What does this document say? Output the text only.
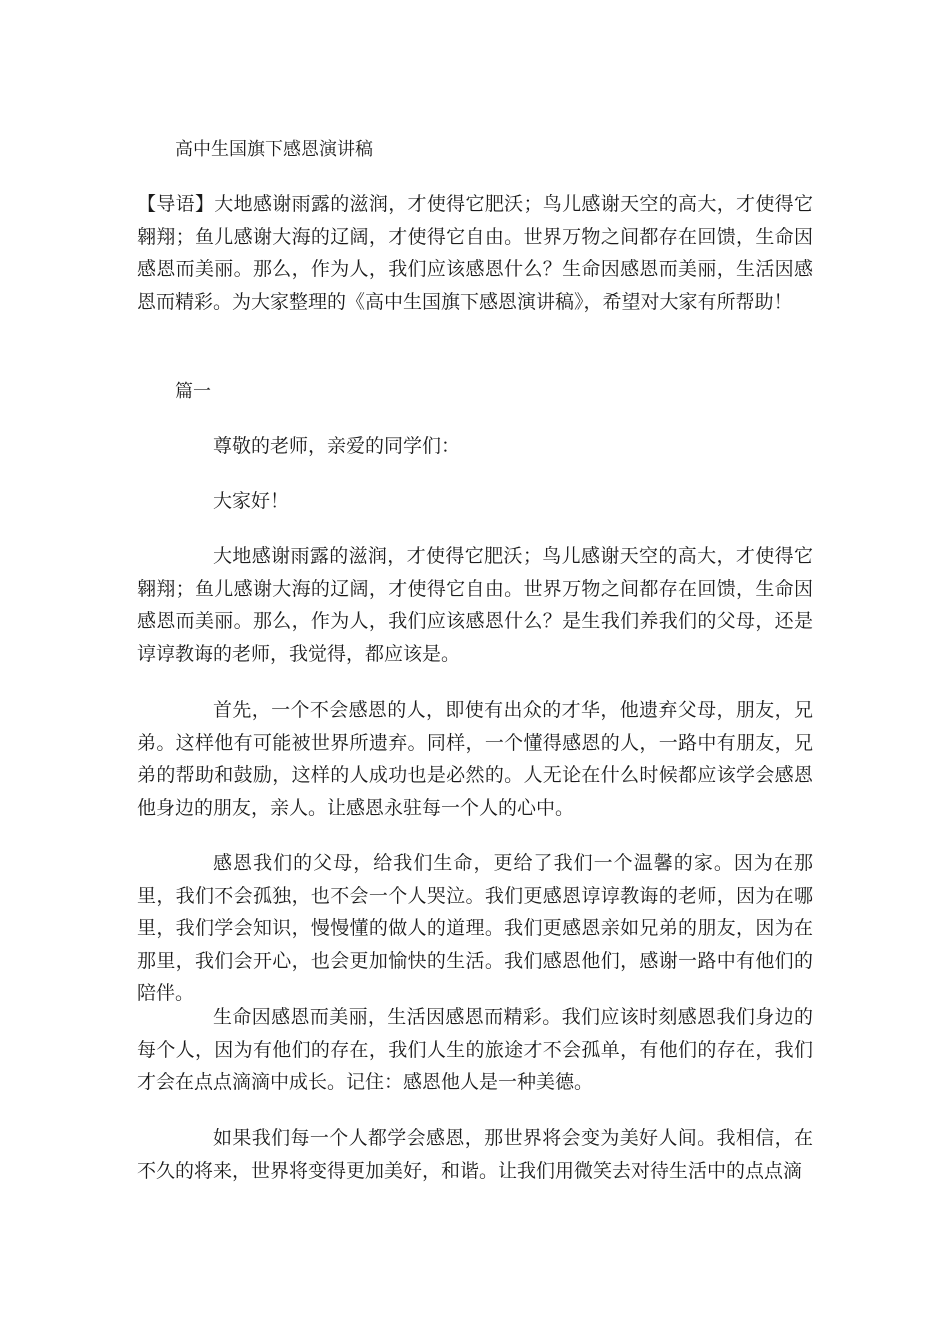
高中生国旗下感恩演讲稿

【导语】大地感谢雨露的滋润，才使得它肥沃；鸟儿感谢天空的高大，才使得它翱翔；鱼儿感谢大海的辽阔，才使得它自由。世界万物之间都存在回馈，生命因感恩而美丽。那么，作为人，我们应该感恩什么？生命因感恩而美丽，生活因感恩而精彩。为大家整理的《高中生国旗下感恩演讲稿》，希望对大家有所帮助！

篇一

尊敬的老师，亲爱的同学们：

大家好！

大地感谢雨露的滋润，才使得它肥沃；鸟儿感谢天空的高大，才使得它翱翔；鱼儿感谢大海的辽阔，才使得它自由。世界万物之间都存在回馈，生命因感恩而美丽。那么，作为人，我们应该感恩什么？是生我们养我们的父母，还是谆谆教诲的老师，我觉得，都应该是。

首先，一个不会感恩的人，即使有出众的才华，他遗弃父母，朋友，兄弟。这样他有可能被世界所遗弃。同样，一个懂得感恩的人，一路中有朋友，兄弟的帮助和鼓励，这样的人成功也是必然的。人无论在什么时候都应该学会感恩他身边的朋友，亲人。让感恩永驻每一个人的心中。

感恩我们的父母，给我们生命，更给了我们一个温馨的家。因为在那里，我们不会孤独，也不会一个人哭泣。我们更感恩谆谆教诲的老师，因为在哪里，我们学会知识，慢慢懂的做人的道理。我们更感恩亲如兄弟的朋友，因为在那里，我们会开心，也会更加愉快的生活。我们感恩他们，感谢一路中有他们的陪伴。

生命因感恩而美丽，生活因感恩而精彩。我们应该时刻感恩我们身边的每个人，因为有他们的存在，我们人生的旅途才不会孤单，有他们的存在，我们才会在点点滴滴中成长。记住：感恩他人是一种美德。

如果我们每一个人都学会感恩，那世界将会变为美好人间。我相信，在不久的将来，世界将变得更加美好，和谐。让我们用微笑去对待生活中的点点滴
